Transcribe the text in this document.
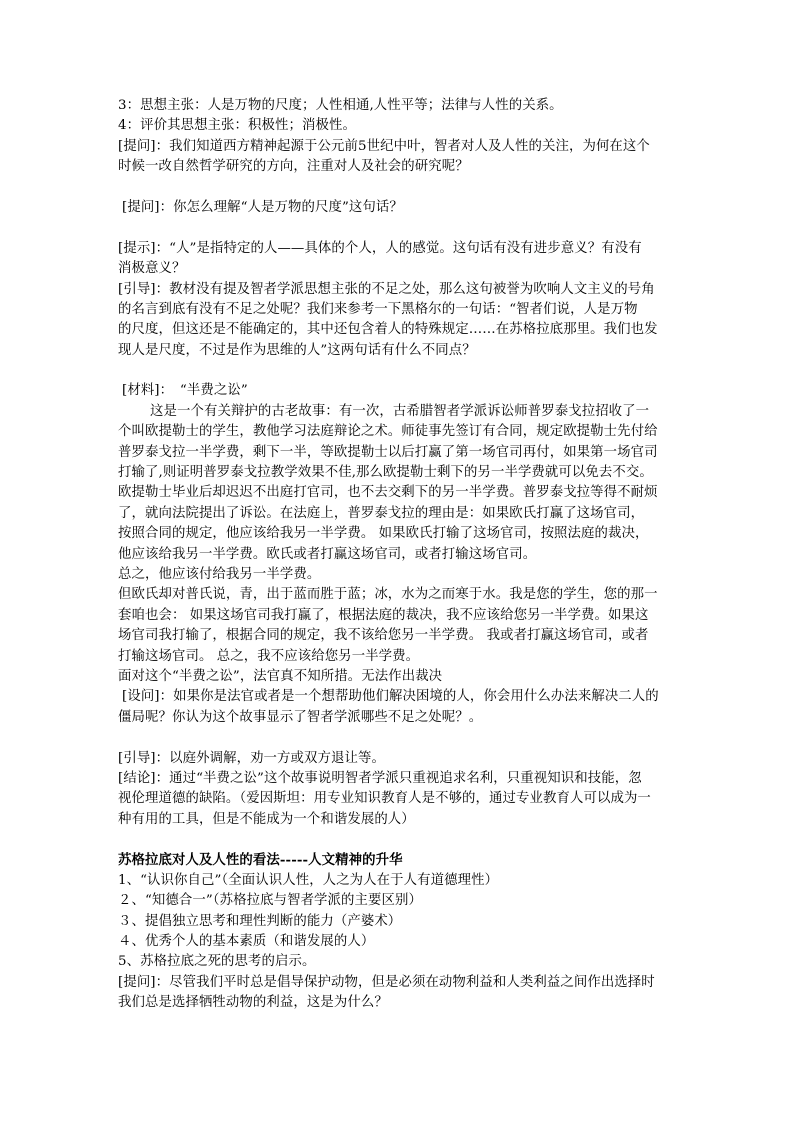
3：思想主张：人是万物的尺度；人性相通,人性平等；法律与人性的关系。
4：评价其思想主张：积极性；消极性。
[提问]：我们知道西方精神起源于公元前5世纪中叶，智者对人及人性的关注，为何在这个
时候一改自然哲学研究的方向，注重对人及社会的研究呢？
[提问]：你怎么理解“人是万物的尺度”这句话？
[提示]：“人”是指特定的人——具体的个人，人的感觉。这句话有没有进步意义？有没有
消极意义？
[引导]：教材没有提及智者学派思想主张的不足之处，那么这句被誉为吹响人文主义的号角
的名言到底有没有不足之处呢？我们来参考一下黑格尔的一句话：“智者们说，人是万物
的尺度，但这还是不能确定的，其中还包含着人的特殊规定……在苏格拉底那里。我们也发
现人是尺度，不过是作为思维的人”这两句话有什么不同点？
[材料]：　“半费之讼”
这是一个有关辩护的古老故事：有一次，古希腊智者学派诉讼师普罗泰戈拉招收了一
个叫欧提勒士的学生，教他学习法庭辩论之术。师徒事先签订有合同，规定欧提勒士先付给
普罗泰戈拉一半学费，剩下一半，等欧提勒士以后打赢了第一场官司再付，如果第一场官司
打输了,则证明普罗泰戈拉教学效果不佳,那么欧提勒士剩下的另一半学费就可以免去不交。
欧提勒士毕业后却迟迟不出庭打官司，也不去交剩下的另一半学费。普罗泰戈拉等得不耐烦
了，就向法院提出了诉讼。在法庭上，普罗泰戈拉的理由是：如果欧氏打赢了这场官司，
按照合同的规定，他应该给我另一半学费。 如果欧氏打输了这场官司，按照法庭的裁决，
他应该给我另一半学费。欧氏或者打赢这场官司，或者打输这场官司。
总之，他应该付给我另一半学费。
但欧氏却对普氏说，青，出于蓝而胜于蓝；冰，水为之而寒于水。我是您的学生，您的那一
套咱也会： 如果这场官司我打赢了，根据法庭的裁决，我不应该给您另一半学费。如果这
场官司我打输了，根据合同的规定，我不该给您另一半学费。 我或者打赢这场官司，或者
打输这场官司。 总之，我不应该给您另一半学费。
面对这个“半费之讼”，法官真不知所措。无法作出裁决
[设问]：如果你是法官或者是一个想帮助他们解决困境的人，你会用什么办法来解决二人的
僵局呢？你认为这个故事显示了智者学派哪些不足之处呢？。
[引导]：以庭外调解，劝一方或双方退让等。
[结论]：通过“半费之讼”这个故事说明智者学派只重视追求名利，只重视知识和技能，忽
视伦理道德的缺陷。（爱因斯坦：用专业知识教育人是不够的，通过专业教育人可以成为一
种有用的工具，但是不能成为一个和谐发展的人）
苏格拉底对人及人性的看法-----人文精神的升华
1、“认识你自己”（全面认识人性，人之为人在于人有道德理性）
２、“知德合一”（苏格拉底与智者学派的主要区别）
３、提倡独立思考和理性判断的能力（产婆术）
４、优秀个人的基本素质（和谐发展的人）
5、苏格拉底之死的思考的启示。
[提问]：尽管我们平时总是倡导保护动物，但是必须在动物利益和人类利益之间作出选择时
我们总是选择牺牲动物的利益，这是为什么？
